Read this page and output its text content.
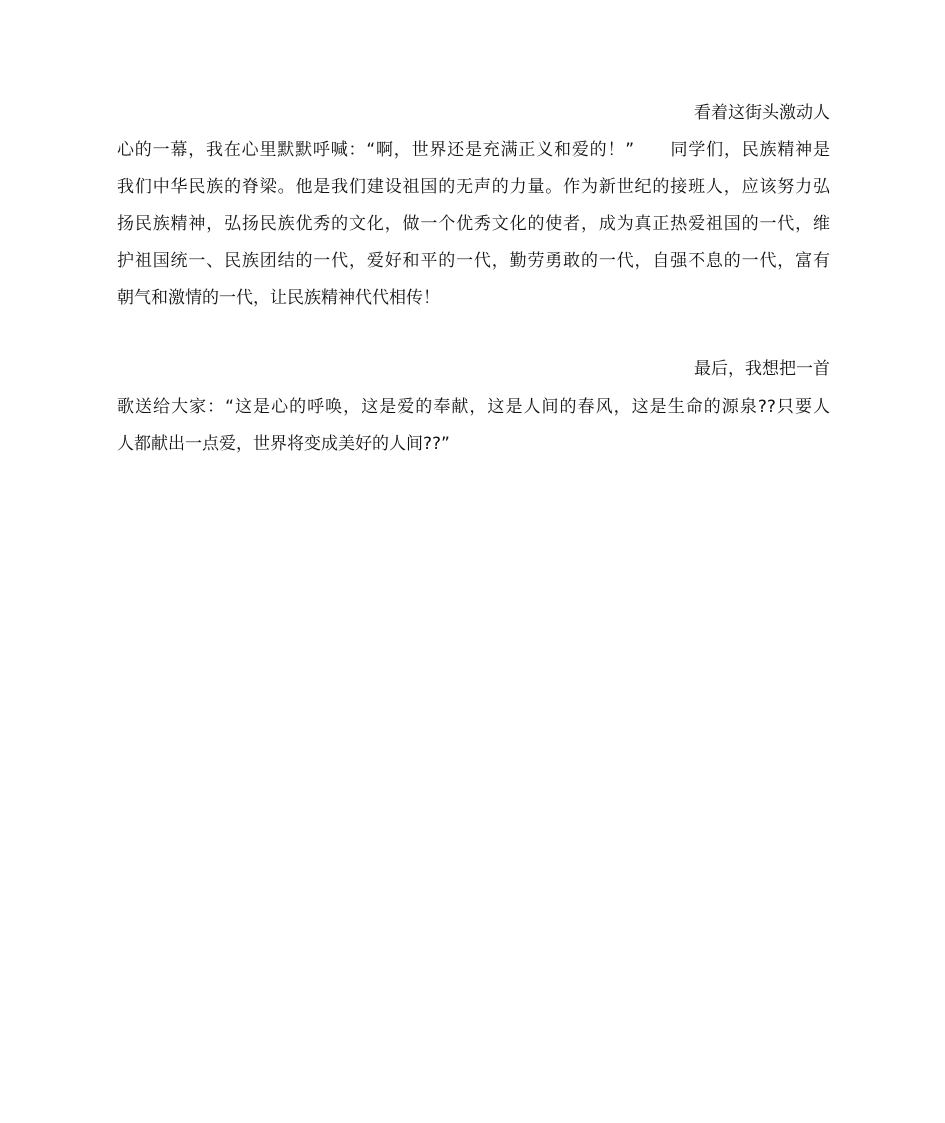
看着这街头激动人
心的一幕，我在心里默默呼喊：“啊，世界还是充满正义和爱的！”　　同学们，民族精神是
我们中华民族的脊梁。他是我们建设祖国的无声的力量。作为新世纪的接班人，应该努力弘
扬民族精神，弘扬民族优秀的文化，做一个优秀文化的使者，成为真正热爱祖国的一代，维
护祖国统一、民族团结的一代，爱好和平的一代，勤劳勇敢的一代，自强不息的一代，富有
朝气和激情的一代，让民族精神代代相传！
最后，我想把一首
歌送给大家：“这是心的呼唤，这是爱的奉献，这是人间的春风，这是生命的源泉??只要人
人都献出一点爱，世界将变成美好的人间??”
